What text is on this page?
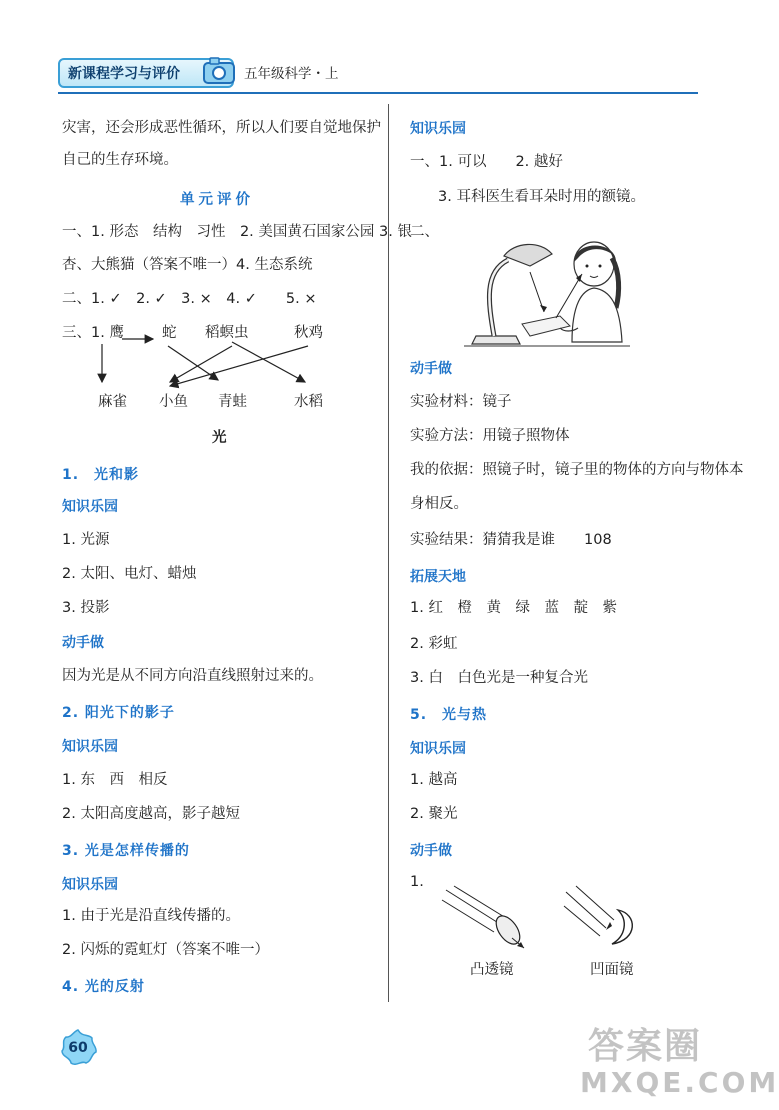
新课程学习与评价	五年级科学・上
灾害，还会形成恶性循环，所以人们要自觉地保护
自己的生存环境。
单元评价
一、1. 形态　结构　习性　2. 美国黄石国家公园 3. 银
杏、大熊猫（答案不唯一）4. 生态系统
二、1. ✓　2. ✓　3. ×　4. ✓　　5. ×
三、1. 鹰	蛇 稻螟虫	秋鸡
麻雀 小鱼 青蛙	水稻
光
1.　光和影
知识乐园
1. 光源
2. 太阳、电灯、蜡烛
3. 投影
动手做
因为光是从不同方向沿直线照射过来的。
2. 阳光下的影子
知识乐园
1. 东　西　相反
2. 太阳高度越高，影子越短
3. 光是怎样传播的
知识乐园
1. 由于光是沿直线传播的。
2. 闪烁的霓虹灯（答案不唯一）
4. 光的反射
知识乐园
一、1. 可以　　2. 越好
3. 耳科医生看耳朵时用的额镜。
二、
动手做
实验材料：镜子
实验方法：用镜子照物体
我的依据：照镜子时，镜子里的物体的方向与物体本
身相反。
实验结果：猜猜我是谁　　108
拓展天地
1. 红　橙　黄　绿　蓝　靛　紫
2. 彩虹
3. 白　白色光是一种复合光
5.　光与热
知识乐园
1. 越高
2. 聚光
动手做
1.
凸透镜	凹面镜
60	答案圈
MXQE.COM
